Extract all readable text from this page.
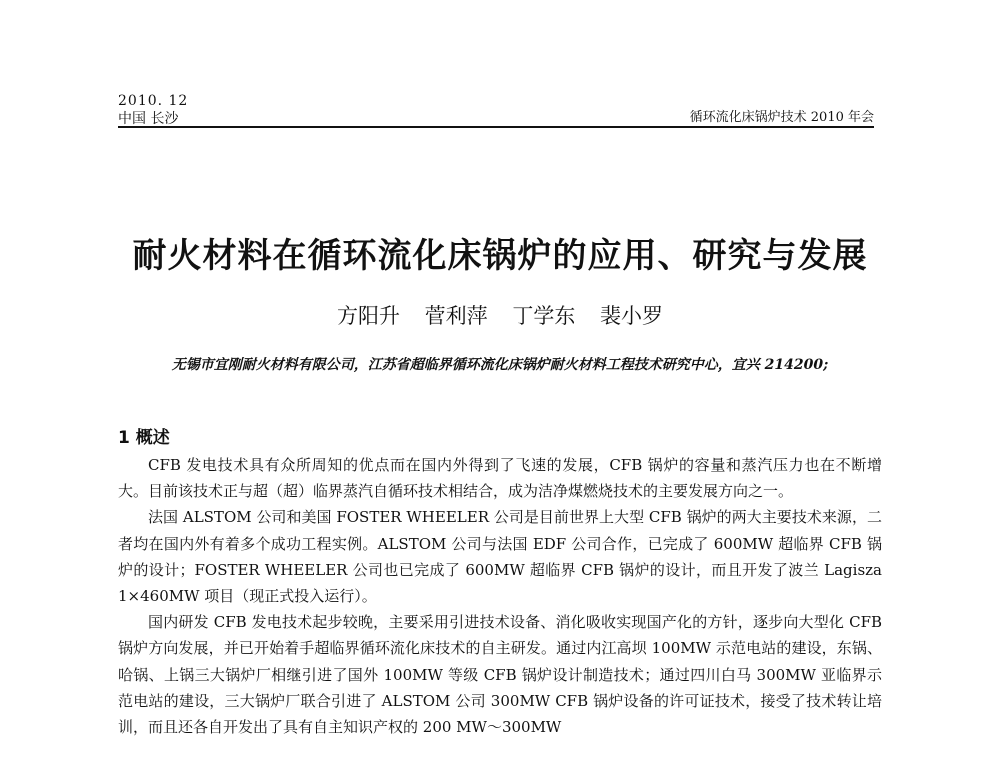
2010. 12
中国 长沙	循环流化床锅炉技术 2010 年会
耐火材料在循环流化床锅炉的应用、研究与发展
方阳升 菅利萍 丁学东 裴小罗
无锡市宜刚耐火材料有限公司，江苏省超临界循环流化床锅炉耐火材料工程技术研究中心，宜兴 214200;
1 概述

CFB 发电技术具有众所周知的优点而在国内外得到了飞速的发展，CFB 锅炉的容量和蒸汽压力也在不断增大。目前该技术正与超（超）临界蒸汽自循环技术相结合，成为洁净煤燃烧技术的主要发展方向之一。

法国 ALSTOM 公司和美国 FOSTER WHEELER 公司是目前世界上大型 CFB 锅炉的两大主要技术来源，二者均在国内外有着多个成功工程实例。ALSTOM 公司与法国 EDF 公司合作，已完成了 600MW 超临界 CFB 锅炉的设计；FOSTER WHEELER 公司也已完成了 600MW 超临界 CFB 锅炉的设计，而且开发了波兰 Lagisza 1×460MW 项目（现正式投入运行）。

国内研发 CFB 发电技术起步较晚，主要采用引进技术设备、消化吸收实现国产化的方针，逐步向大型化 CFB 锅炉方向发展，并已开始着手超临界循环流化床技术的自主研发。通过内江高坝 100MW 示范电站的建设，东锅、哈锅、上锅三大锅炉厂相继引进了国外 100MW 等级 CFB 锅炉设计制造技术；通过四川白马 300MW 亚临界示范电站的建设，三大锅炉厂联合引进了 ALSTOM 公司 300MW CFB 锅炉设备的许可证技术，接受了技术转让培训，而且还各自开发出了具有自主知识产权的 200 MW～300MW
